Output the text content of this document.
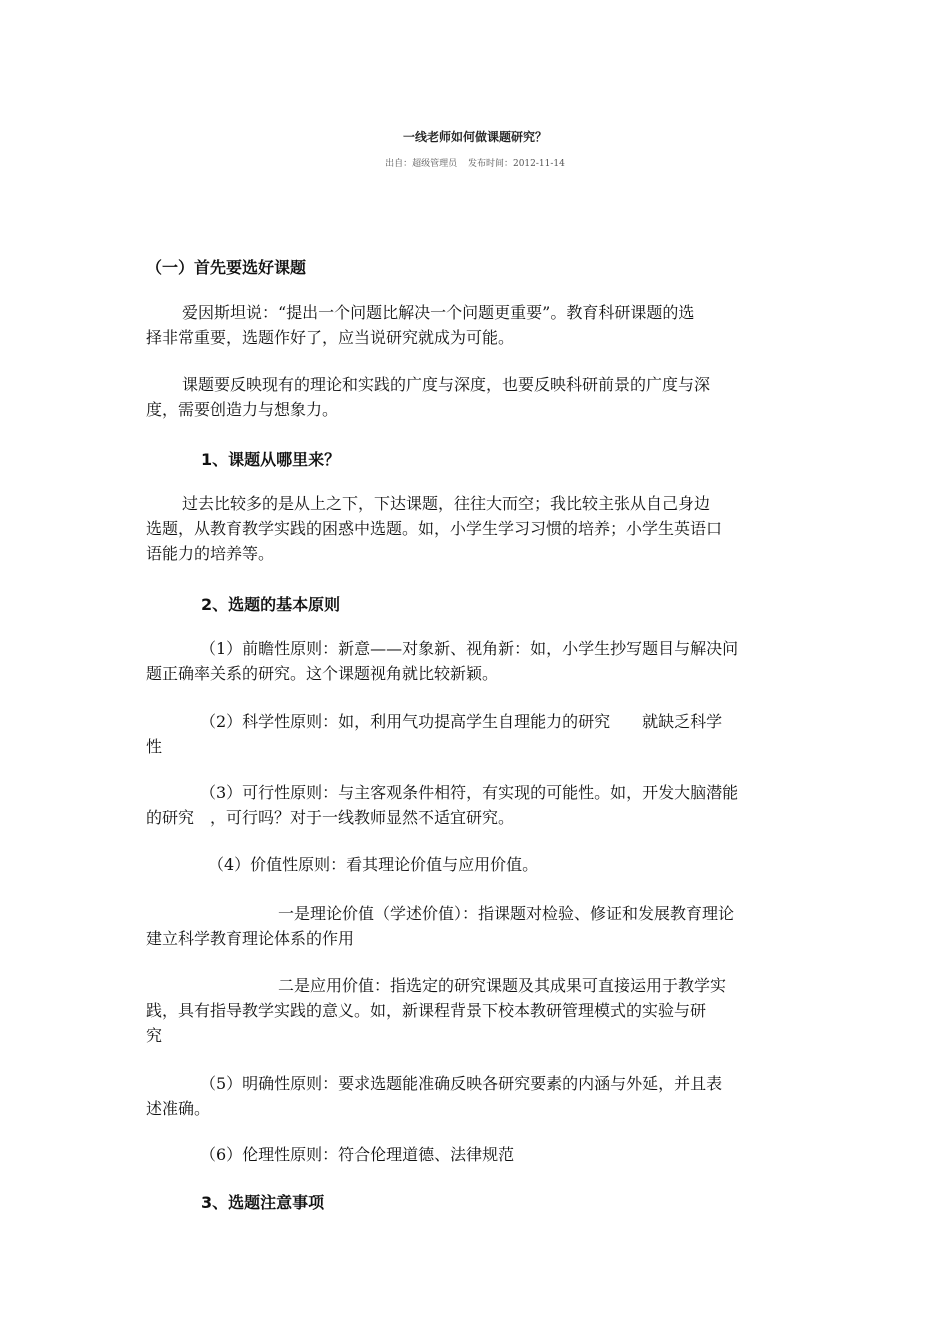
一线老师如何做课题研究？
出自：超级管理员 发布时间：2012-11-14
（一）首先要选好课题
爱因斯坦说：“提出一个问题比解决一个问题更重要”。教育科研课题的选
择非常重要，选题作好了，应当说研究就成为可能。
课题要反映现有的理论和实践的广度与深度，也要反映科研前景的广度与深
度，需要创造力与想象力。
1、课题从哪里来？
过去比较多的是从上之下，下达课题，往往大而空；我比较主张从自己身边
选题，从教育教学实践的困惑中选题。如，小学生学习习惯的培养；小学生英语口
语能力的培养等。
2、选题的基本原则
（1）前瞻性原则：新意——对象新、视角新：如，小学生抄写题目与解决问
题正确率关系的研究。这个课题视角就比较新颖。
（2）科学性原则：如，利用气功提高学生自理能力的研究　　就缺乏科学
性
（3）可行性原则：与主客观条件相符，有实现的可能性。如，开发大脑潜能
的研究　，可行吗？对于一线教师显然不适宜研究。
（4）价值性原则：看其理论价值与应用价值。
一是理论价值（学述价值）：指课题对检验、修证和发展教育理论
建立科学教育理论体系的作用
二是应用价值：指选定的研究课题及其成果可直接运用于教学实
践，具有指导教学实践的意义。如，新课程背景下校本教研管理模式的实验与研
究
（5）明确性原则：要求选题能准确反映各研究要素的内涵与外延，并且表
述准确。
（6）伦理性原则：符合伦理道德、法律规范
3、选题注意事项
